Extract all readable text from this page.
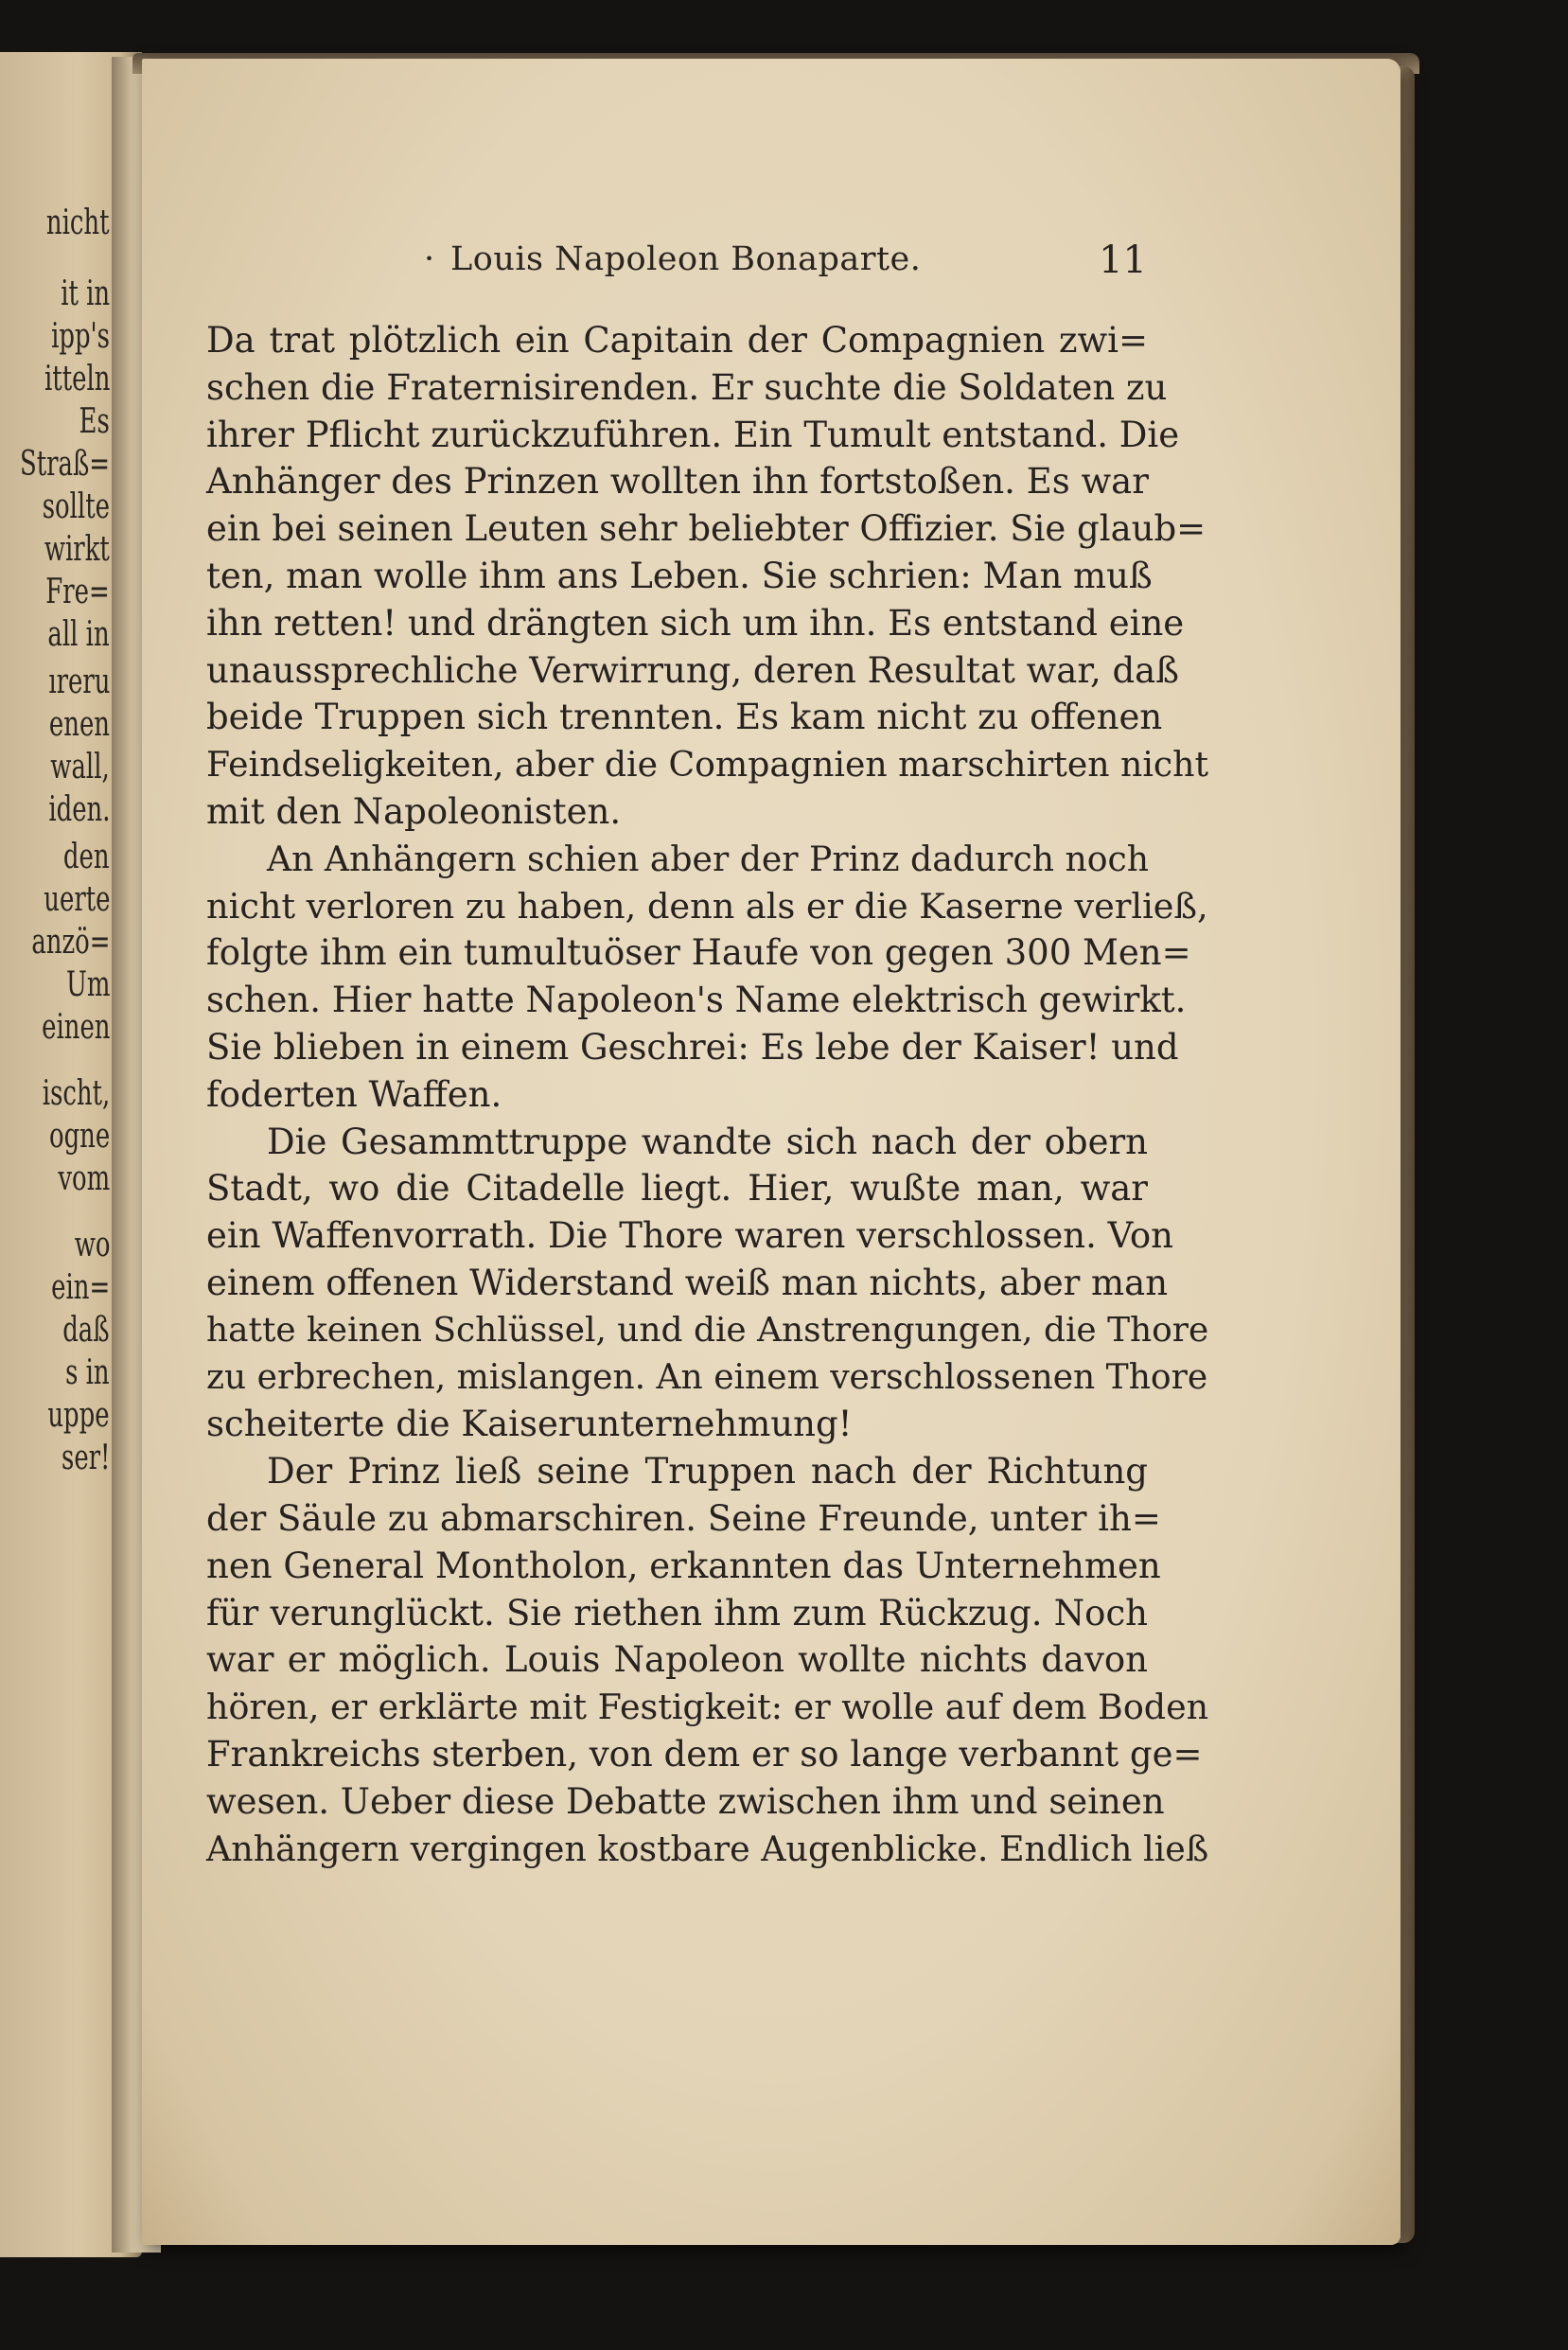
nicht
it in
ipp's
itteln
Es
Straß=
sollte
wirkt
Fre=
all in
ıreru
enen
wall,
iden.
den
uerte
anzö=
Um
einen
ischt,
ogne
vom
wo
ein=
daß
s in
uppe
ser!
· Louis Napoleon Bonaparte.	11
Da trat plötzlich ein Capitain der Compagnien zwi=
schen die Fraternisirenden. Er suchte die Soldaten zu
ihrer Pflicht zurückzuführen. Ein Tumult entstand. Die
Anhänger des Prinzen wollten ihn fortstoßen. Es war
ein bei seinen Leuten sehr beliebter Offizier. Sie glaub=
ten, man wolle ihm ans Leben. Sie schrien: Man muß
ihn retten! und drängten sich um ihn. Es entstand eine
unaussprechliche Verwirrung, deren Resultat war, daß
beide Truppen sich trennten. Es kam nicht zu offenen
Feindseligkeiten, aber die Compagnien marschirten nicht
mit den Napoleonisten.
An Anhängern schien aber der Prinz dadurch noch
nicht verloren zu haben, denn als er die Kaserne verließ,
folgte ihm ein tumultuöser Haufe von gegen 300 Men=
schen. Hier hatte Napoleon's Name elektrisch gewirkt.
Sie blieben in einem Geschrei: Es lebe der Kaiser! und
foderten Waffen.
Die Gesammttruppe wandte sich nach der obern
Stadt, wo die Citadelle liegt. Hier, wußte man, war
ein Waffenvorrath. Die Thore waren verschlossen. Von
einem offenen Widerstand weiß man nichts, aber man
hatte keinen Schlüssel, und die Anstrengungen, die Thore
zu erbrechen, mislangen. An einem verschlossenen Thore
scheiterte die Kaiserunternehmung!
Der Prinz ließ seine Truppen nach der Richtung
der Säule zu abmarschiren. Seine Freunde, unter ih=
nen General Montholon, erkannten das Unternehmen
für verunglückt. Sie riethen ihm zum Rückzug. Noch
war er möglich. Louis Napoleon wollte nichts davon
hören, er erklärte mit Festigkeit: er wolle auf dem Boden
Frankreichs sterben, von dem er so lange verbannt ge=
wesen. Ueber diese Debatte zwischen ihm und seinen
Anhängern vergingen kostbare Augenblicke. Endlich ließ
